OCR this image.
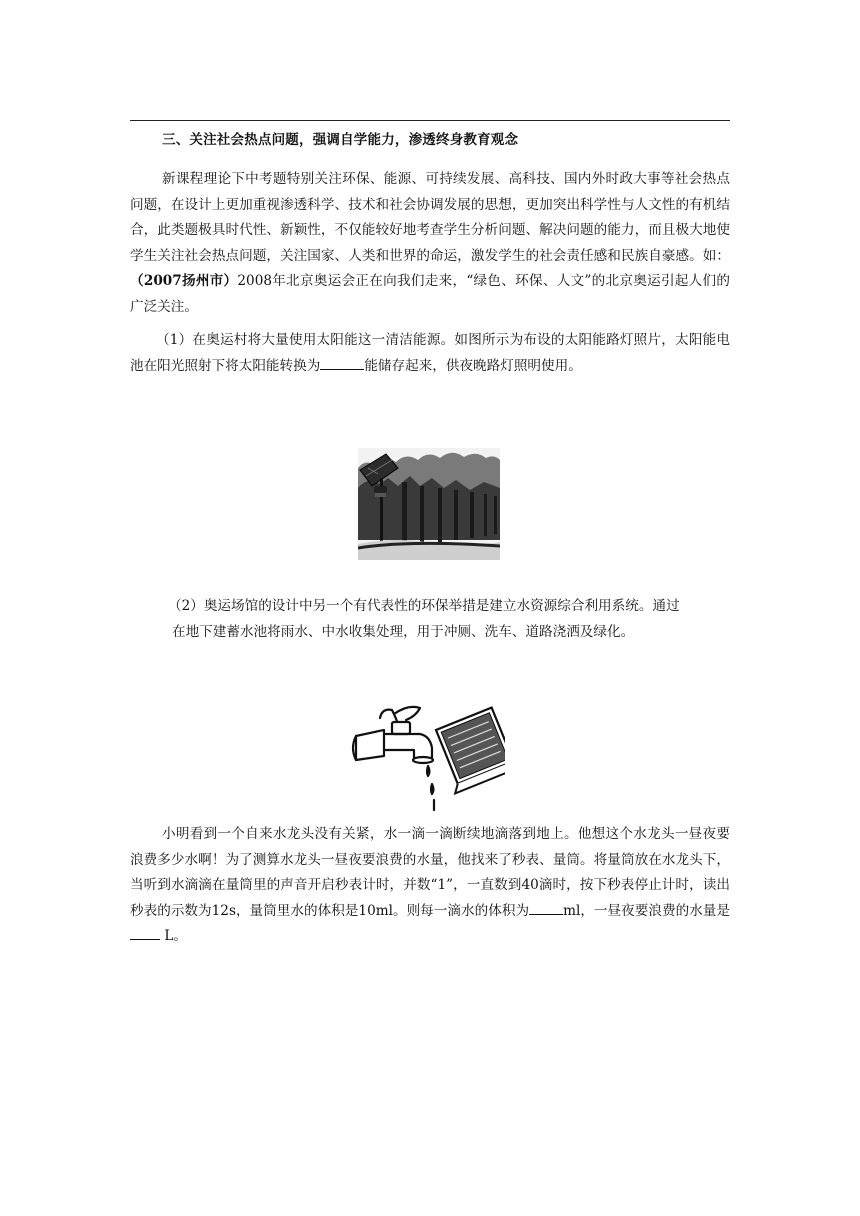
三、关注社会热点问题，强调自学能力，渗透终身教育观念
新课程理论下中考题特别关注环保、能源、可持续发展、高科技、国内外时政大事等社会热点问题，在设计上更加重视渗透科学、技术和社会协调发展的思想，更加突出科学性与人文性的有机结合，此类题极具时代性、新颖性，不仅能较好地考查学生分析问题、解决问题的能力，而且极大地使学生关注社会热点问题，关注国家、人类和世界的命运，激发学生的社会责任感和民族自豪感。如：（2007扬州市）2008年北京奥运会正在向我们走来，“绿色、环保、人文”的北京奥运引起人们的广泛关注。
（1）在奥运村将大量使用太阳能这一清洁能源。如图所示为布设的太阳能路灯照片，太阳能电池在阳光照射下将太阳能转换为	能储存起来，供夜晚路灯照明使用。
（2）奥运场馆的设计中另一个有代表性的环保举措是建立水资源综合利用系统。通过
在地下建蓄水池将雨水、中水收集处理，用于冲厕、洗车、道路浇洒及绿化。
小明看到一个自来水龙头没有关紧，水一滴一滴断续地滴落到地上。他想这个水龙头一昼夜要浪费多少水啊！为了测算水龙头一昼夜要浪费的水量，他找来了秒表、量筒。将量筒放在水龙头下，当听到水滴滴在量筒里的声音开启秒表计时，并数“1”，一直数到40滴时，按下秒表停止计时，读出秒表的示数为12s，量筒里水的体积是10ml。则每一滴水的体积为	ml，一昼夜要浪费的水量是 L。
